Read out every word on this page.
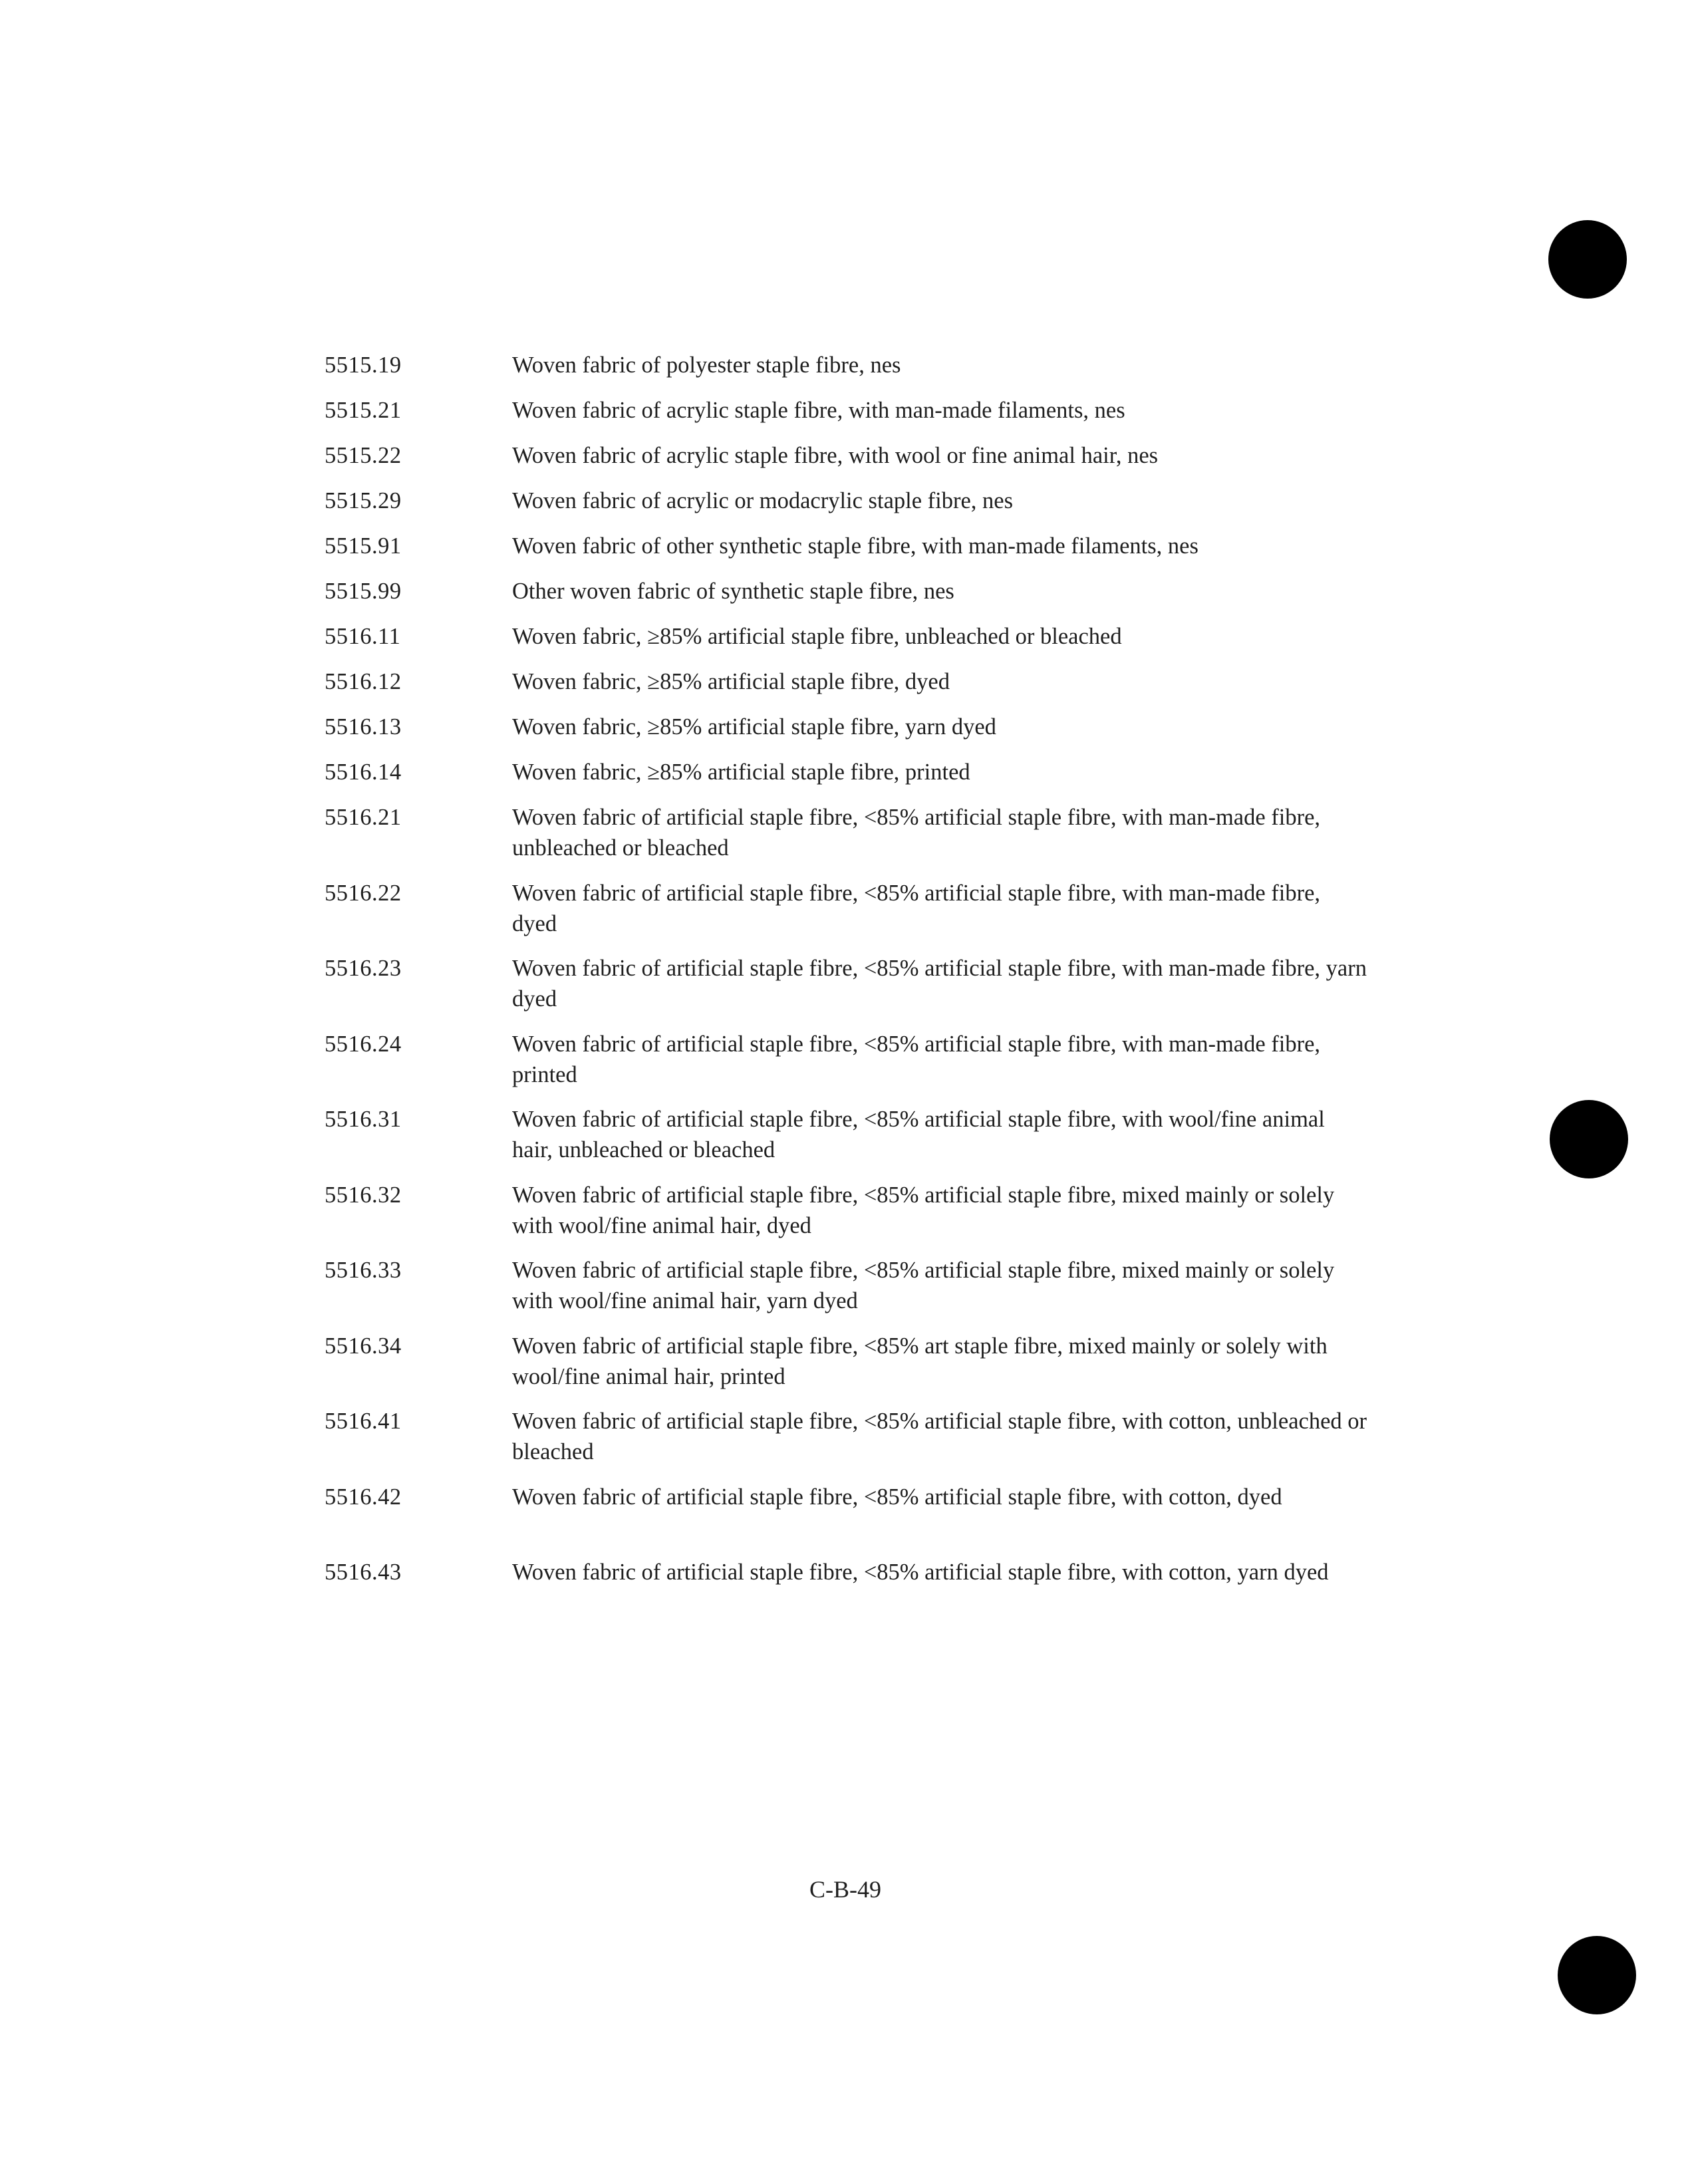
5515.19	Woven fabric of polyester staple fibre, nes
5515.21	Woven fabric of acrylic staple fibre, with man-made filaments, nes
5515.22	Woven fabric of acrylic staple fibre, with wool or fine animal hair, nes
5515.29	Woven fabric of acrylic or modacrylic staple fibre, nes
5515.91	Woven fabric of other synthetic staple fibre, with man-made filaments, nes
5515.99	Other woven fabric of synthetic staple fibre, nes
5516.11	Woven fabric, ≥85% artificial staple fibre, unbleached or bleached
5516.12	Woven fabric, ≥85% artificial staple fibre, dyed
5516.13	Woven fabric, ≥85% artificial staple fibre, yarn dyed
5516.14	Woven fabric, ≥85% artificial staple fibre, printed
5516.21	Woven fabric of artificial staple fibre, <85% artificial staple fibre, with man-made fibre, unbleached or bleached
5516.22	Woven fabric of artificial staple fibre, <85% artificial staple fibre, with man-made fibre, dyed
5516.23	Woven fabric of artificial staple fibre, <85% artificial staple fibre, with man-made fibre, yarn dyed
5516.24	Woven fabric of artificial staple fibre, <85% artificial staple fibre, with man-made fibre, printed
5516.31	Woven fabric of artificial staple fibre, <85% artificial staple fibre, with wool/fine animal hair, unbleached or bleached
5516.32	Woven fabric of artificial staple fibre, <85% artificial staple fibre, mixed mainly or solely with wool/fine animal hair, dyed
5516.33	Woven fabric of artificial staple fibre, <85% artificial staple fibre, mixed mainly or solely with wool/fine animal hair, yarn dyed
5516.34	Woven fabric of artificial staple fibre, <85% art staple fibre, mixed mainly or solely with wool/fine animal hair, printed
5516.41	Woven fabric of artificial staple fibre, <85% artificial staple fibre, with cotton, unbleached or bleached
5516.42	Woven fabric of artificial staple fibre, <85% artificial staple fibre, with cotton, dyed
5516.43	Woven fabric of artificial staple fibre, <85% artificial staple fibre, with cotton, yarn dyed
C-B-49
